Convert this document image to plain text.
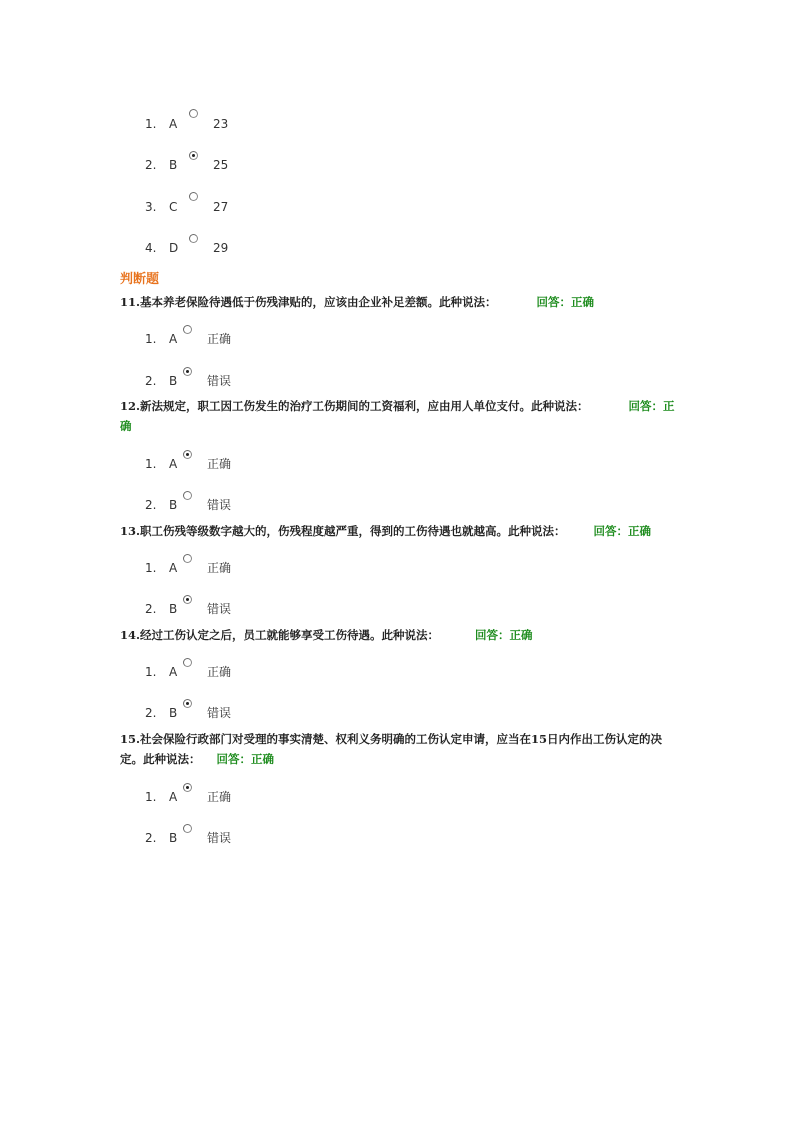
1. A	23
2. B	25
3. C	27
4. D	29
判断题
11.基本养老保险待遇低于伤残津贴的，应该由企业补足差额。此种说法：	回答：正确
1. A 正确
2. B 错误
12.新法规定，职工因工伤发生的治疗工伤期间的工资福利，应由用人单位支付。此种说法：	回答：正确
1. A 正确
2. B 错误
13.职工伤残等级数字越大的，伤残程度越严重，得到的工伤待遇也就越高。此种说法： 回答：正确
1. A 正确
2. B 错误
14.经过工伤认定之后，员工就能够享受工伤待遇。此种说法：	回答：正确
1. A 正确
2. B 错误
15.社会保险行政部门对受理的事实清楚、权利义务明确的工伤认定申请，应当在15日内作出工伤认定的决定。此种说法： 回答：正确
1. A 正确
2. B 错误
